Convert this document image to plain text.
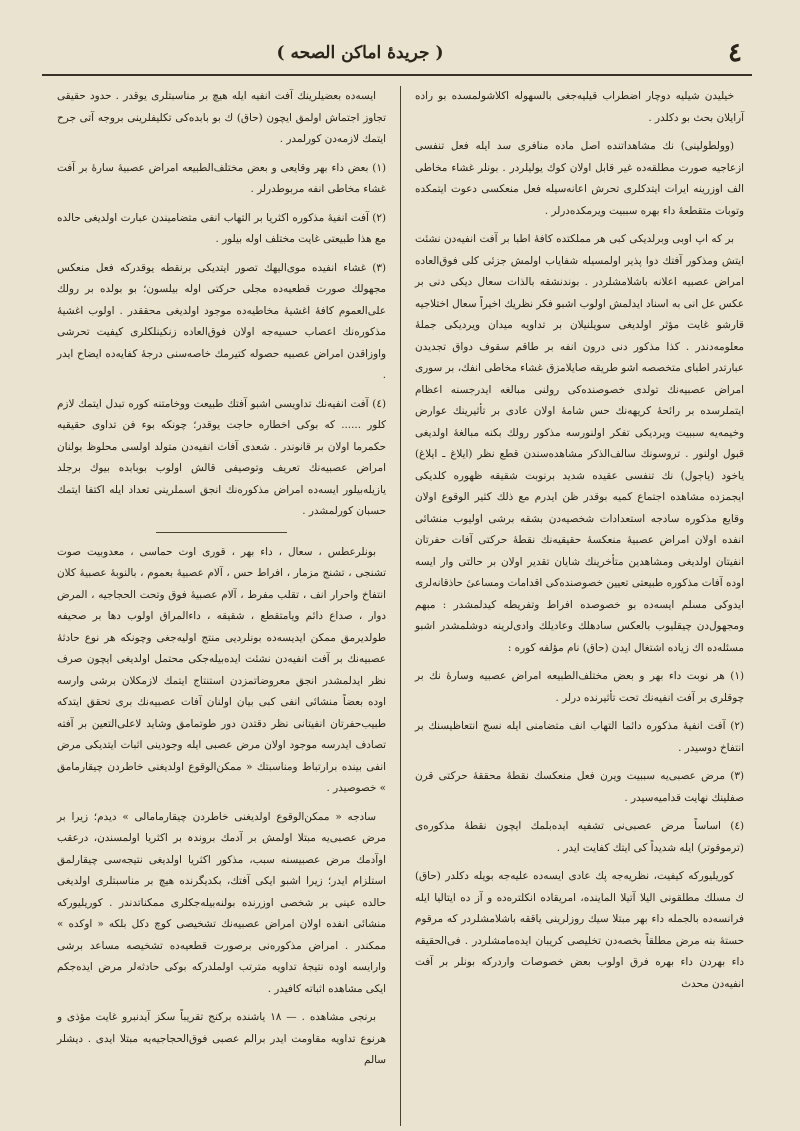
٤
( جریدهٔ اماکن الصحه )

خیلیدن شیلیه دوچار اضطراب قیلیه‌جغی بالسهوله اکلاشولمسده بو راده آرایلان بحث بو دکلدر .

(وولطولینی) نك مشاهداتنده اصل ماده منافری سد ایله فعل تنفسی ازعاجیه صورت مطلقه‌ده غیر قابل اولان کوك یولیلردر . بونلر غشاء مخاطی الف اوزرینه ایرات ایتدکلری تحرش اعانه‌سیله فعل منعکسی دعوت ایتمکده وتوبات متقطعهٔ داء بهره سببیت ویرمکده‌درلر .

بر که اپ‌ اوبی وبرلدیکی کبی هر مملکتده کافهٔ اطبا بر آفت انفیه‌دن نشئت ایتش ومذکور آفتك دوا پذیر اولمسیله شفایاب اولمش جزئی کلی فوق‌العاده امراض عصبیه اعلانه باشلامشلردر . بوندنشقه بالذات سعال دیکی دنی بر عکس عل انی به اسناد ایدلمش اولوب اشبو فکر نظریك اخیراً سعال اختلاجیه قارشو غایت مؤثر اولدیغی سویلنیلان بر تداویه میدان ویردیکی جملهٔ معلومه‌دندر . کذا مذکور دنی درون انفه بر طاقم سقوف دواق تجدیدن عبارتدر اطبای متخصصه اشو طریقه صایلامزق غشاء مخاطی انفك، بر سوری امراض عصبیه‌نك تولدی خصوصنده‌کی رولنی مبالغه ایدرجسنه اعظام ایتملرسده بر رائحهٔ کریهه‌نك حس شامهٔ اولان عادی بر تأثیرینك عوارض وخیمه‌یه سببیت ویردیکی تفکر اولنورسه مذکور رولك بکنه مبالغهٔ اولدیغی قبول اولنور . تروسونك سالف‌الذکر مشاهده‌سندن قطع نظر (ایلاغ ـ ایلاغ) یاخود (یاجول) نك تنفسی عقیده شدید برنوبت شقیقه ظهوره کلدیکی ایجمزده مشاهده اجتماع کمیه بوقدر ظن ایدرم مع ذلك کثیر الوقوع اولان وقایع مذکوره سادجه استعدادات شخصیه‌دن بشقه برشی اولیوب منشائی انفده اولان امراض عصبیهٔ منعکسهٔ حقیقیه‌نك نقطهٔ حرکتی آفات حفرتان انفیتان اولدیغی ومشاهدین متأخرینك شایان تقدیر اولان بر حالتی وار ایسه اوده آفات مذکوره طبیعتی تعیین خصوصنده‌کی اقدامات ومساعیٔ حاذقانه‌لری ایدوکی مسلم ایسه‌ده بو خصوصده افراط وتفریطه کیدلمشدر : مبهم ومجهول‌دن چیقلیوب بالعکس سادهلك وعادیلك وادی‌لرینه دوشلمشدر اشبو مسئله‌ده اك زیاده اشتغال ایدن (حاق) نام مؤلفه کوره :

(۱) هر نوبت داء بهر و بعض مختلف‌الطبیعه امراض عصبیه وسارهٔ نك بر چوقلری بر آفت انفیه‌نك تحت تأثیرنده درلر .

(۲) آفت انفیهٔ مذکوره دائما التهاب انف متضامنی ایله نسج انتعاظیسنك بر انتفاخ دوسیدر .

(۳) مرض عصبی‌یه سببیت ویرن فعل منعکسك نقطهٔ محققهٔ حرکتی قرن صفلینك نهایت قدامیه‌سیدر .

(٤) اساساً مرض عصبی‌نی تشفیه ایده‌بلمك ایچون نقطهٔ مذکوره‌ی (ترموقوتر) ایله شدیداً کی ایتك کفایت ایدر .

کوریلیورکه کیفیت، نظریه‌جه پك عادی ایسه‌ده علیه‌جه بویله دکلدر (حاق) ك مسلك مطلقونی الیلا آتیلا الماینده، امریقاده انکلتره‌ده و آز ده ایتالیا ایله فرانسه‌ده بالجمله داء بهر مبتلا سیك روزلرینی یاققه باشلامشلردر که مرقوم حستهٔ بنه مرض مطلقاً بخصه‌دن تخلیصی کریبان ایده‌مامشلردر . فی‌الحقیقه داء بهردن داء بهره فرق اولوب بعض خصوصات واردرکه بونلر بر آفت انفیه‌دن محدث

ایسه‌ده بعضیلرینك آفت انفیه ایله هیچ بر مناسبتلری یوقدر . حدود حقیقی تجاوز اجتماش اولمق ایچون (حاق) ك بو بابده‌کی تکلیفلرینی بروجه آتی جرح ایتمك لازمه‌دن کورلمدر .

(۱) بعض داء بهر وقایعی و بعض مختلف‌الطبیعه امراض عصبیهٔ سارهٔ بر آفت غشاء مخاطی انفه مربوطدرلر .

(۲) آفت انفیهٔ مذکوره اکثریا بر التهاب انفی متضامیندن عبارت اولدیغی حالده مع هذا طبیعتی غایت مختلف اوله بیلور .

(۳) غشاء انفیده موی‌الیهك تصور ایتدیکی برنقطه یوقدرکه فعل منعکس مجهولك صورت قطعیه‌ده مجلی حرکتی اوله بیلسون؛ بو بولده بر رولك علی‌العموم کافهٔ اغشیهٔ مخاطیه‌ده موجود اولدیغی محققدر . اولوب اغشیهٔ مذکوره‌نك اعصاب حسیه‌جه اولان فوق‌العاده زنکینلکلری کیفیت تحرشی واوزاقدن امراض عصبیه حصوله کتیرمك خاصه‌سنی درجهٔ کفایه‌ده ایضاح ایدر .

(٤) آفت انفیه‌نك تداویسی اشبو آفتك طبیعت ووخامتنه کوره تبدل ایتمك لازم کلور ...... که بوکی اخطاره حاجت یوقدر؛ چونکه بوء فن تداوی حقیقیه حکمرما اولان بر قانوندر . شعدی آفات انفیه‌دن متولد اولسی محلوظ بولنان امراض عصبیه‌نك تعریف وتوصیفی قالش اولوب بوبابده بیوك برجلد یازیله‌بیلور ایسه‌ده امراض مذکوره‌نك انجق اسملرینی تعداد ایله اکتفا ایتمك حسبان کورلمشدر .

بونلرعطس ، سعال ، داء بهر ، قوری اوت حماسی ، معدوبیت صوت تشنجی ، تشنج مزمار ، افراط حس ، آلام عصبیهٔ بعموم ، بالنوبهٔ عصبیهٔ کلان انتفاخ واحرار انف ، تقلب مفرط ، آلام عصبیهٔ فوق وتحت الحجاجیه ، المرض دوار ، صداع دائم ویامتقطع ، شقیقه ، داءالمراق اولوب دها بر صحیفه طولدیرمق ممکن ایدیسه‌ده بونلردیی منتج اولیه‌جغی وچونکه هر نوع حادثهٔ عصبیه‌نك بر آفت انفیه‌دن نشئت ایده‌بیله‌جکی محتمل اولدیغی ایچون صرف نظر ایدلمشدر انجق معروضاتمزدن استنتاج ایتمك لازمکلان برشی وارسه اوده بعضاً منشائی انفی کبی بیان اولنان آفات عصبیه‌نك بری تحقق ایتدکه طبیب‌حفرتان انفیتانی نظر دقتدن دور طوتمامق وشاید لاعلی‌التعین بر آفته تصادف ایدرسه موجود اولان مرض عصبی ایله وجودینی اثبات ایتدیکی مرض انفی بینده برارتباط ومناسبتك « ممکن‌الوقوع اولدیغنی خاطردن چیقارمامق » خصوصیدر .

سادجه « ممکن‌الوقوع اولدیغنی خاطردن چیقارمامالی » دیدم؛ زیرا بر مرض عصبی‌یه مبتلا اولمش بر آدمك بروندہ بر اکثریا اولمسندن، درعقب اوآدمك مرض عصبیسنه سبب، مذکور اکثریا اولدیغی نتیجه‌سی چیقارلمق استلزام ایدر؛ زیرا اشبو ایکی آفتك، بکدیگرنده هیچ بر مناسبتلری اولدیغی حالده عینی بر شخصی اوزرنده بولنه‌بیله‌جکلری ممکناتدندر . کوریلیورکه منشائی انفده اولان امراض عصبیه‌نك تشخیصی کوچ دکل بلکه « اوکده » ممکندر . امراض مذکوره‌نی برصورت قطعیه‌ده تشخیصه مساعد برشی وارایسه اوده نتیجهٔ تداویه مترتب اولملدرکه بوکی حادثه‌لر مرض ایده‌جکم ایکی مشاهده اثباته کافیدر .

برنجی مشاهده . — ۱۸ یاشنده برکنج تقریباً سکز آیدنبرو غایت مؤذی و هرنوع تداویه مقاومت ایدر برالم عصبی فوق‌الحجاجیه‌یه مبتلا ایدی . دیشلر سالم
